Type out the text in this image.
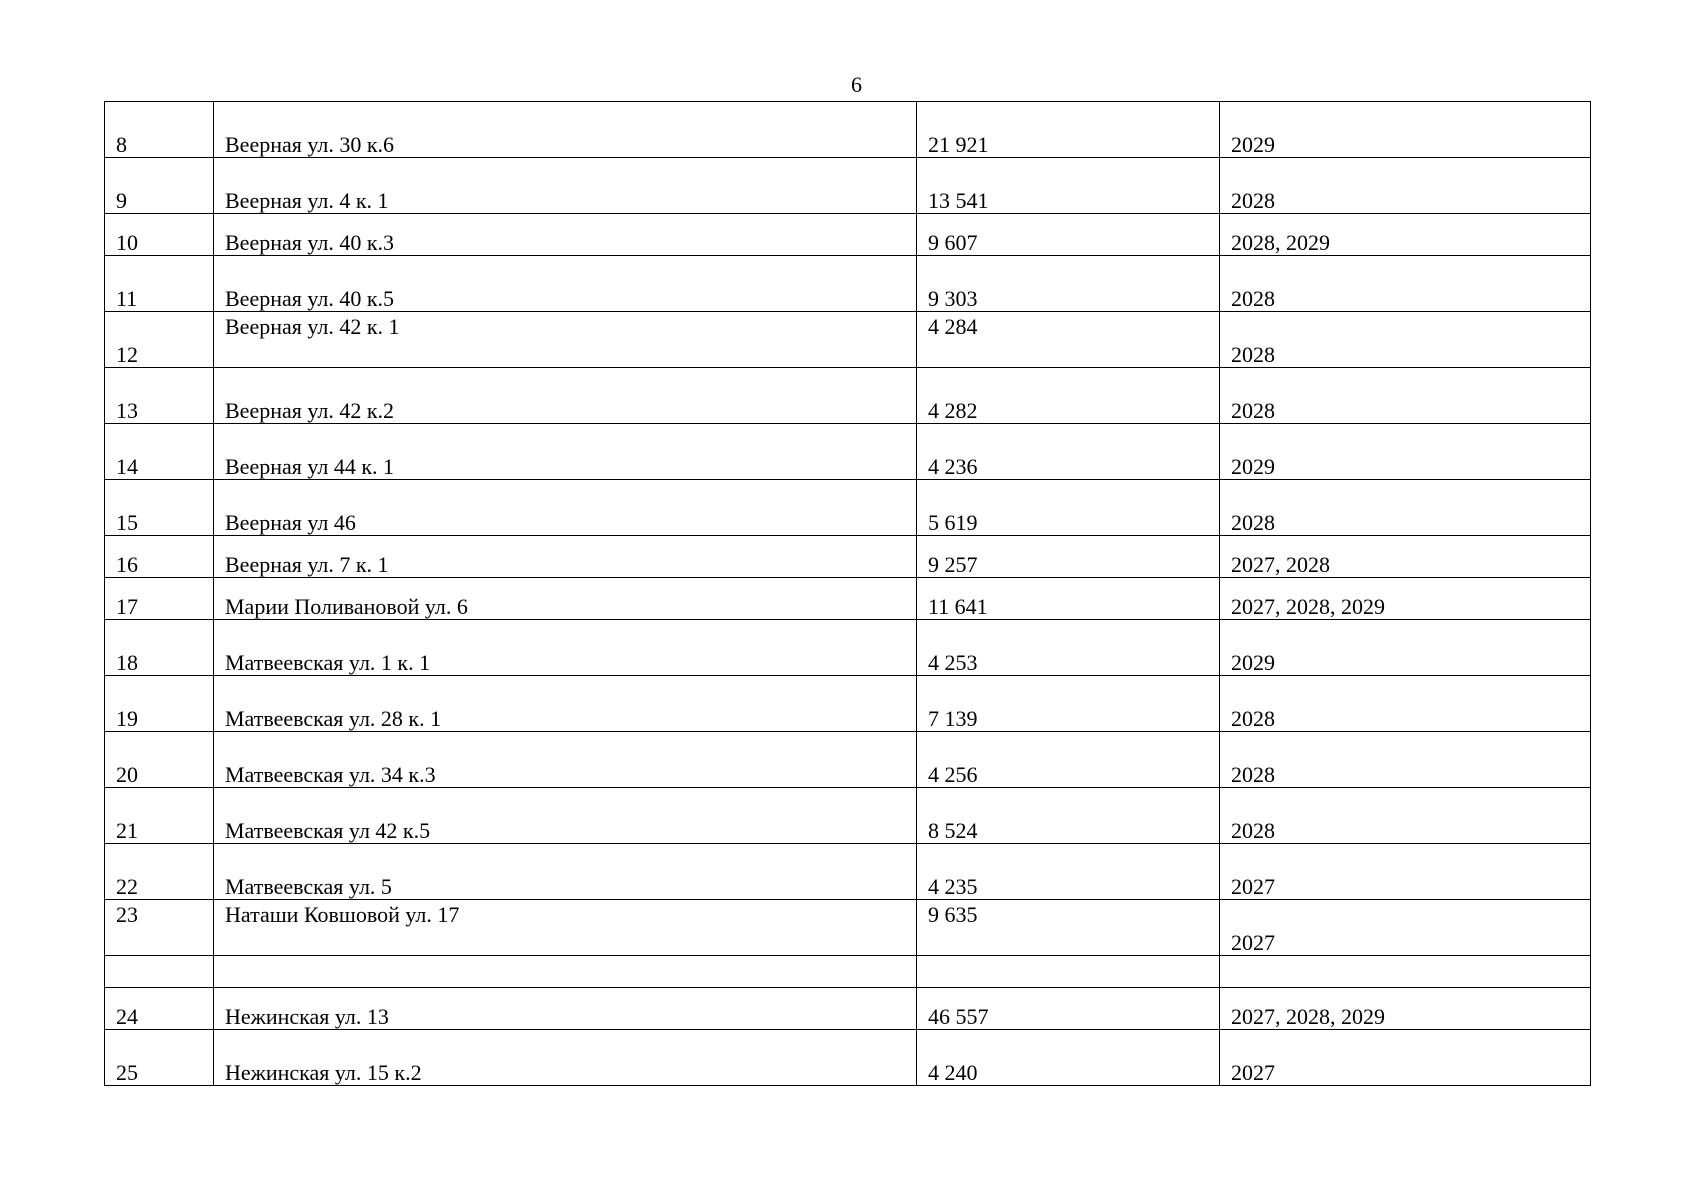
6
8	Веерная ул. 30 к.6	21 921	2029
9	Веерная ул. 4 к. 1	13 541	2028
10	Веерная ул. 40 к.3	9 607	2028, 2029
11	Веерная ул. 40 к.5	9 303	2028
12	Веерная ул. 42 к. 1	4 284	2028
13	Веерная ул. 42 к.2	4 282	2028
14	Веерная ул 44 к. 1	4 236	2029
15	Веерная ул 46	5 619	2028
16	Веерная ул. 7 к. 1	9 257	2027, 2028
17	Марии Поливановой ул. 6	11 641	2027, 2028, 2029
18	Матвеевская ул. 1 к. 1	4 253	2029
19	Матвеевская ул. 28 к. 1	7 139	2028
20	Матвеевская ул. 34 к.3	4 256	2028
21	Матвеевская ул 42 к.5	8 524	2028
22	Матвеевская ул. 5	4 235	2027
23	Наташи Ковшовой ул. 17	9 635	2027

24	Нежинская ул. 13	46 557	2027, 2028, 2029
25	Нежинская ул. 15 к.2	4 240	2027
